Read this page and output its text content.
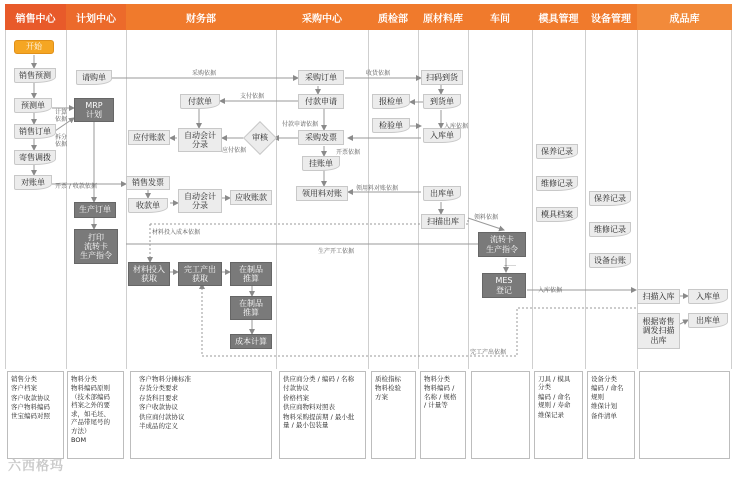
销售中心	计划中心	财务部	采购中心	质检部	原材料库	车间	模具管理	设备管理	成品库
开始
销售预测
预测单
销售订单
寄售调拨
对账单
请购单
MRP
计划
生产订单
打印
流转卡
生产指令
付款单
应付账款	自动会计
分录
审核
销售发票
收款单
自动会计
分录
应收账款
材料投入
获取
完工产出
获取
在制品
推算
在制品
推算
成本计算
采购订单
付款申请
采购发票
挂账单
领用料对账
报检单
检验单
扫码到货
到货单
入库单
出库单
扫描出库
流转卡
生产指令
MES
登记
保养记录
维修记录
模具档案
保养记录
维修记录
设备台账
扫描入库	入库单
根据寄售
调发扫描
出库
出库单
采购依据	收货依据
支付依据
付款申请依据
应付依据	开票依据
入库依据
计算
依据
拆分
依据
领用料对账依据
领料依据
开票 / 收款依据
材料投入成本依据
生产开工依据
入库依据
完工产出依据
……
销售分类
客户档案
客户收款协议
客户物料编码
世宝编码对照
物料分类
物料编码原则
（技术部编码
档案之外的要
求，如毛坯、
产品带尾号的
方法）
BOM
客户物料分摊标准
存货分类要求
存货科目要求
客户收款协议
供应商付款协议
半成品的定义
供应商分类 / 编码 / 名称
付款协议
价格档案
供应商物料对照表
物料采购提前期 / 最小批
量 / 最小包装量
质检指标
物料检验
方案
物料分类
物料编码 /
名称 / 规格
/ 计量等
刀具 / 模具
分类
编码 / 命名
规则 / 寿命
维保记录
设备分类
编码 / 命名
规则
维保计划
备件清单
六西格玛
